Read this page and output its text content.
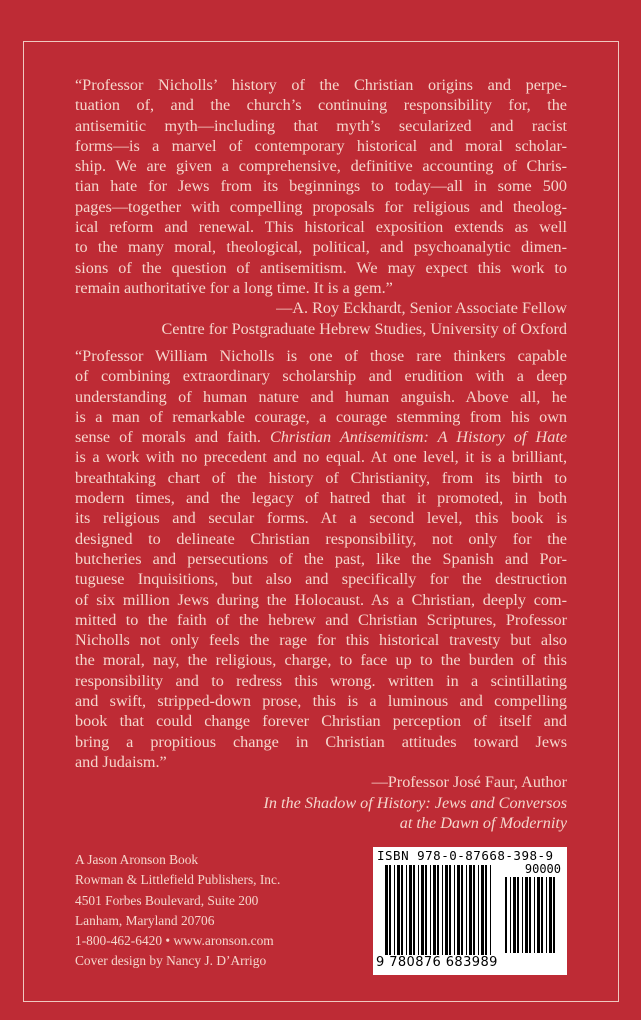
“Professor Nicholls’ history of the Christian origins and perpe-
tuation of, and the church’s continuing responsibility for, the
antisemitic myth—including that myth’s secularized and racist
forms—is a marvel of contemporary historical and moral scholar-
ship. We are given a comprehensive, definitive accounting of Chris-
tian hate for Jews from its beginnings to today—all in some 500
pages—together with compelling proposals for religious and theolog-
ical reform and renewal. This historical exposition extends as well
to the many moral, theological, political, and psychoanalytic dimen-
sions of the question of antisemitism. We may expect this work to
remain authoritative for a long time. It is a gem.”
—A. Roy Eckhardt, Senior Associate Fellow
Centre for Postgraduate Hebrew Studies, University of Oxford
“Professor William Nicholls is one of those rare thinkers capable
of combining extraordinary scholarship and erudition with a deep
understanding of human nature and human anguish. Above all, he
is a man of remarkable courage, a courage stemming from his own
sense of morals and faith. Christian Antisemitism: A History of Hate
is a work with no precedent and no equal. At one level, it is a brilliant,
breathtaking chart of the history of Christianity, from its birth to
modern times, and the legacy of hatred that it promoted, in both
its religious and secular forms. At a second level, this book is
designed to delineate Christian responsibility, not only for the
butcheries and persecutions of the past, like the Spanish and Por-
tuguese Inquisitions, but also and specifically for the destruction
of six million Jews during the Holocaust. As a Christian, deeply com-
mitted to the faith of the hebrew and Christian Scriptures, Professor
Nicholls not only feels the rage for this historical travesty but also
the moral, nay, the religious, charge, to face up to the burden of this
responsibility and to redress this wrong. written in a scintillating
and swift, stripped-down prose, this is a luminous and compelling
book that could change forever Christian perception of itself and
bring a propitious change in Christian attitudes toward Jews
and Judaism.”
—Professor José Faur, Author
In the Shadow of History: Jews and Conversos
at the Dawn of Modernity
A Jason Aronson Book
Rowman & Littlefield Publishers, Inc.
4501 Forbes Boulevard, Suite 200
Lanham, Maryland 20706
1-800-462-6420 • www.aronson.com
Cover design by Nancy J. D’Arrigo
ISBN 978-0-87668-398-9
90000
9 780876 683989
